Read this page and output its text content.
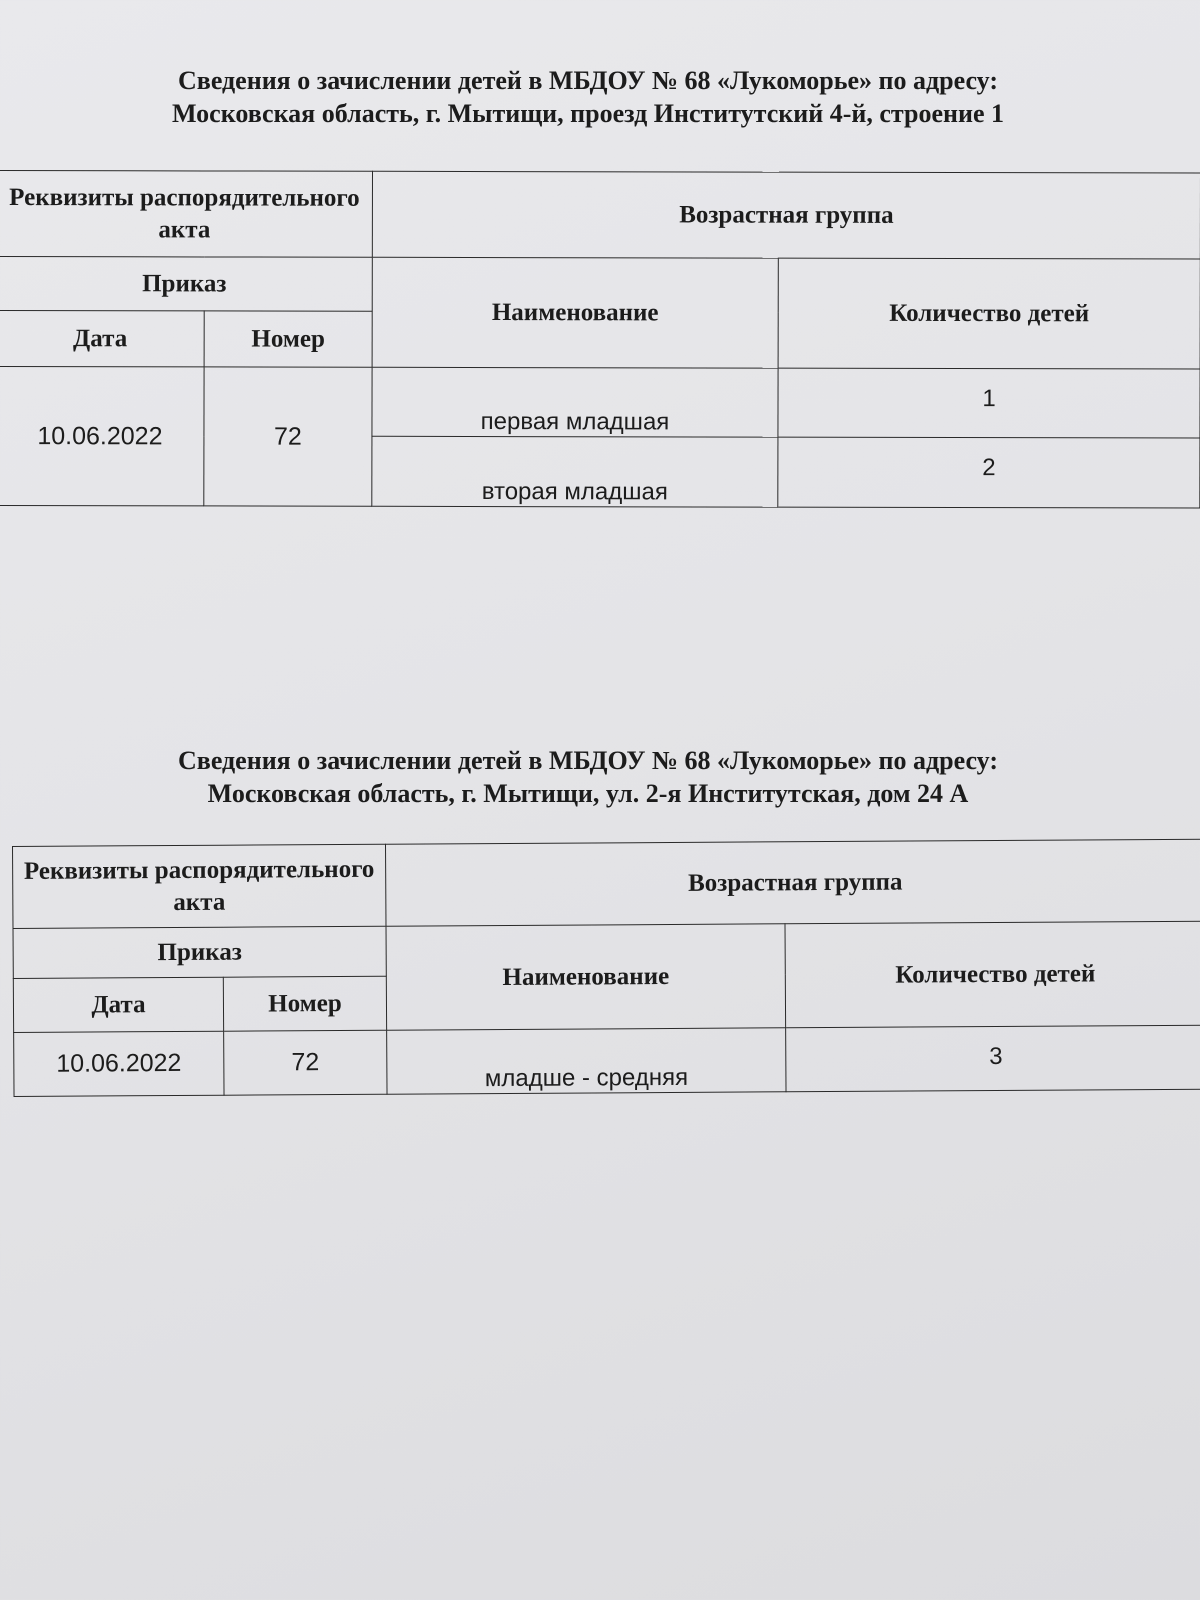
Сведения о зачислении детей в МБДОУ № 68 «Лукоморье» по адресу:
Московская область, г. Мытищи, проезд Институтский 4-й, строение 1
Реквизиты распорядительного акта		Возрастная группа	
Приказ		Наименование	Количество детей
Дата	Номер		
10.06.2022	72	первая младшая	1
		вторая младшая	2
Сведения о зачислении детей в МБДОУ № 68 «Лукоморье» по адресу:
Московская область, г. Мытищи, ул. 2-я Институтская, дом 24 А
Реквизиты распорядительного акта		Возрастная группа	
Приказ		Наименование	Количество детей
Дата	Номер		
10.06.2022	72	младше - средняя	3
